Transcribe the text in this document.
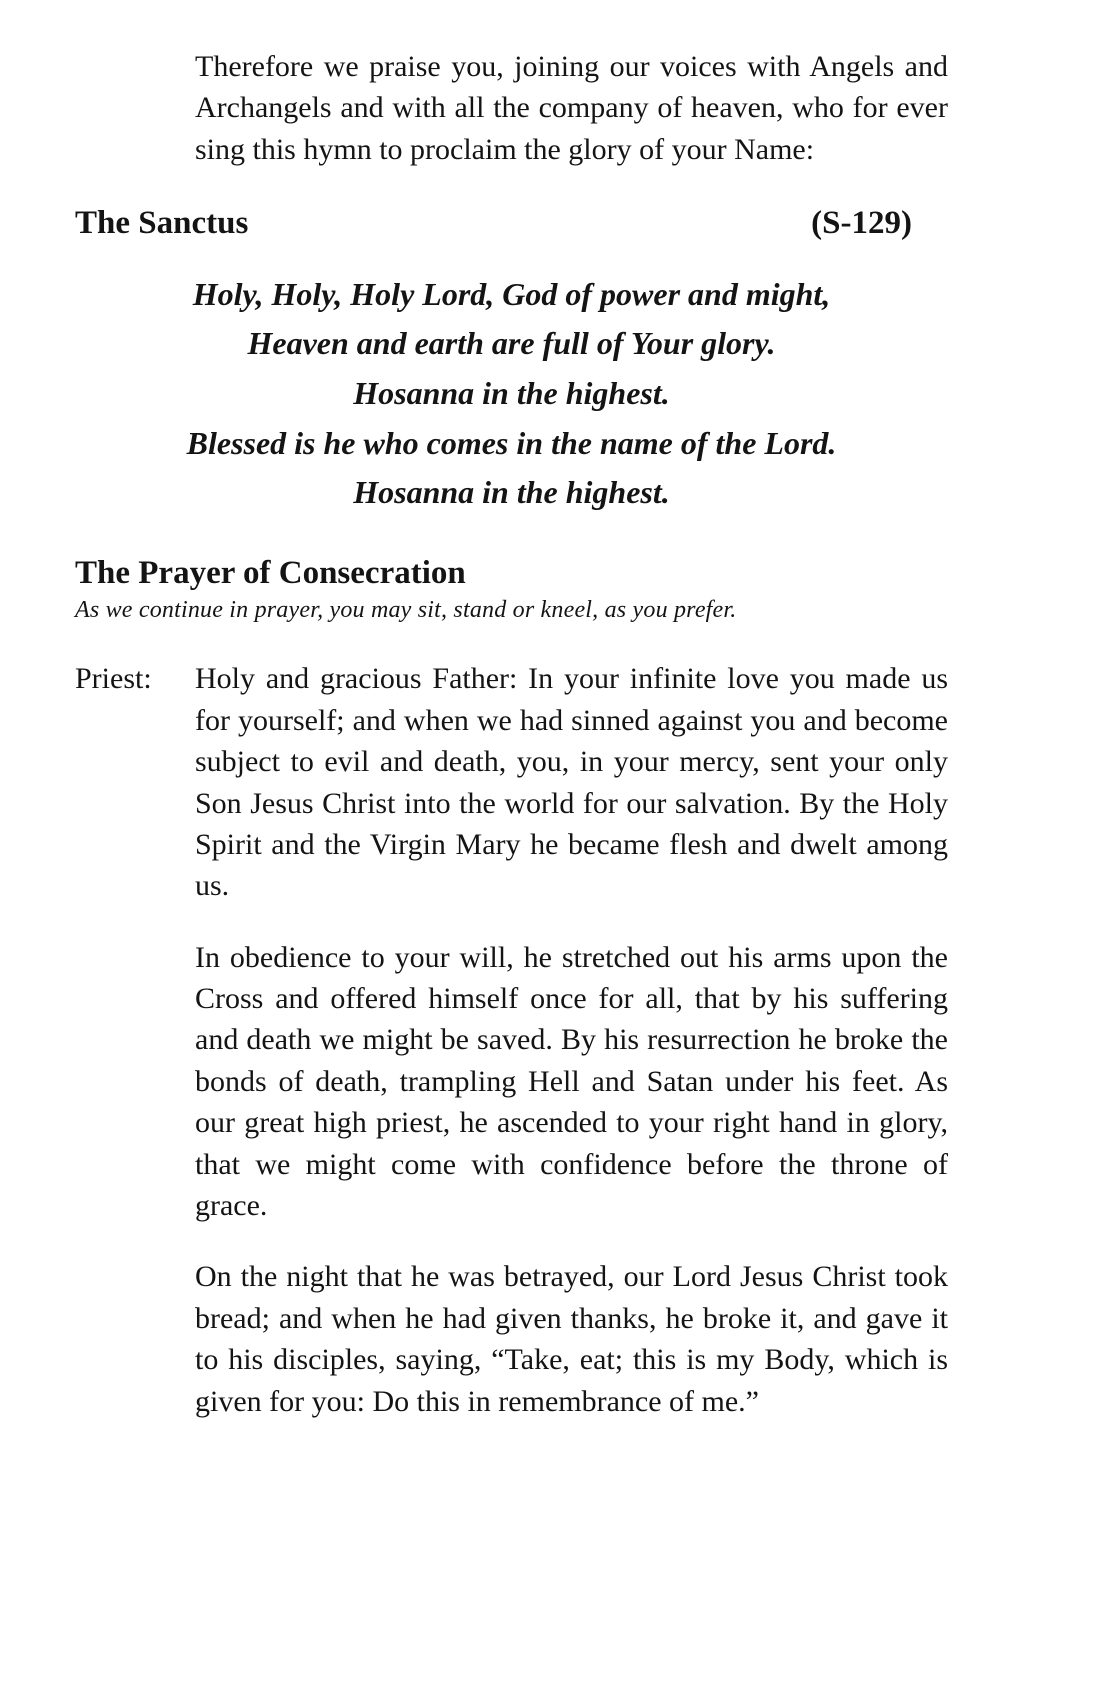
Therefore we praise you, joining our voices with Angels and Archangels and with all the company of heaven, who for ever sing this hymn to proclaim the glory of your Name:

The Sanctus	(S-129)
Holy, Holy, Holy Lord, God of power and might,
Heaven and earth are full of Your glory.
Hosanna in the highest.
Blessed is he who comes in the name of the Lord.
Hosanna in the highest.
The Prayer of Consecration
As we continue in prayer, you may sit, stand or kneel, as you prefer.
Priest:	Holy and gracious Father: In your infinite love you made us for yourself; and when we had sinned against you and become subject to evil and death, you, in your mercy, sent your only Son Jesus Christ into the world for our salvation. By the Holy Spirit and the Virgin Mary he became flesh and dwelt among us.

In obedience to your will, he stretched out his arms upon the Cross and offered himself once for all, that by his suffering and death we might be saved. By his resurrection he broke the bonds of death, trampling Hell and Satan under his feet. As our great high priest, he ascended to your right hand in glory, that we might come with confidence before the throne of grace.

On the night that he was betrayed, our Lord Jesus Christ took bread; and when he had given thanks, he broke it, and gave it to his disciples, saying, “Take, eat; this is my Body, which is given for you: Do this in remembrance of me.”
